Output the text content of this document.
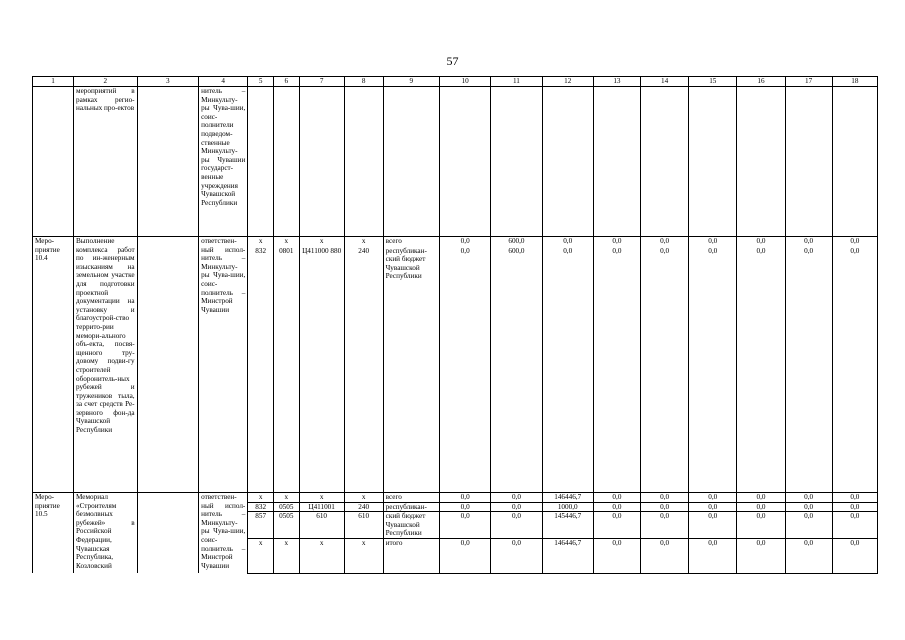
57
1	2	3	4	5	6	7	8	9	10	11	12	13	14	15	16	17	18
	мероприятий в рамках регио-нальных про-ектов		нитель – Минкульту-ры Чува-шии, соис-полнители подведом-ственные Минкульту-ры Чувашии государст-венные учреждения Чувашской Республики														
Меро-приятие 10.4	Выполнение комплекса работ по ин-женерным изысканиям на земельном участке для подготовки проектной документации на установку и благоустрой-ство террито-рии мемори-ального объ-екта, посвя-щенного тру-довому подви-гу строителей оборонитель-ных рубежей и тружеников тыла, за счет средств Ре-зервного фон-да Чувашской Республики		ответствен-ный испол-нитель – Минкульту-ры Чува-шии, соис-полнитель – Минстрой Чувашии	x	x	x	x	всего	0,0	600,0	0,0	0,0	0,0	0,0	0,0	0,0	0,0
				832	0801	Ц411000 880	240	республикан-ский бюджет Чувашской Республики	0,0	600,0	0,0	0,0	0,0	0,0	0,0	0,0	0,0
Меро-приятие 10.5	Мемориал «Строителям безмолвных рубежей» в Российской Федерации, Чувашская Республика, Козловский		ответствен-ный испол-нитель – Минкульту-ры Чува-шии, соис-полнитель – Минстрой Чувашии	x	x	x	x	всего	0,0	0,0	146446,7	0,0	0,0	0,0	0,0	0,0	0,0
				832	0505	Ц411001	240	республикан-	0,0	0,0	1000,0	0,0	0,0	0,0	0,0	0,0	0,0
				857	0505	610	610	ский бюджет Чувашской Республики	0,0	0,0	145446,7	0,0	0,0	0,0	0,0	0,0	0,0
				x	x	x	x	итого	0,0	0,0	146446,7	0,0	0,0	0,0	0,0	0,0	0,0
